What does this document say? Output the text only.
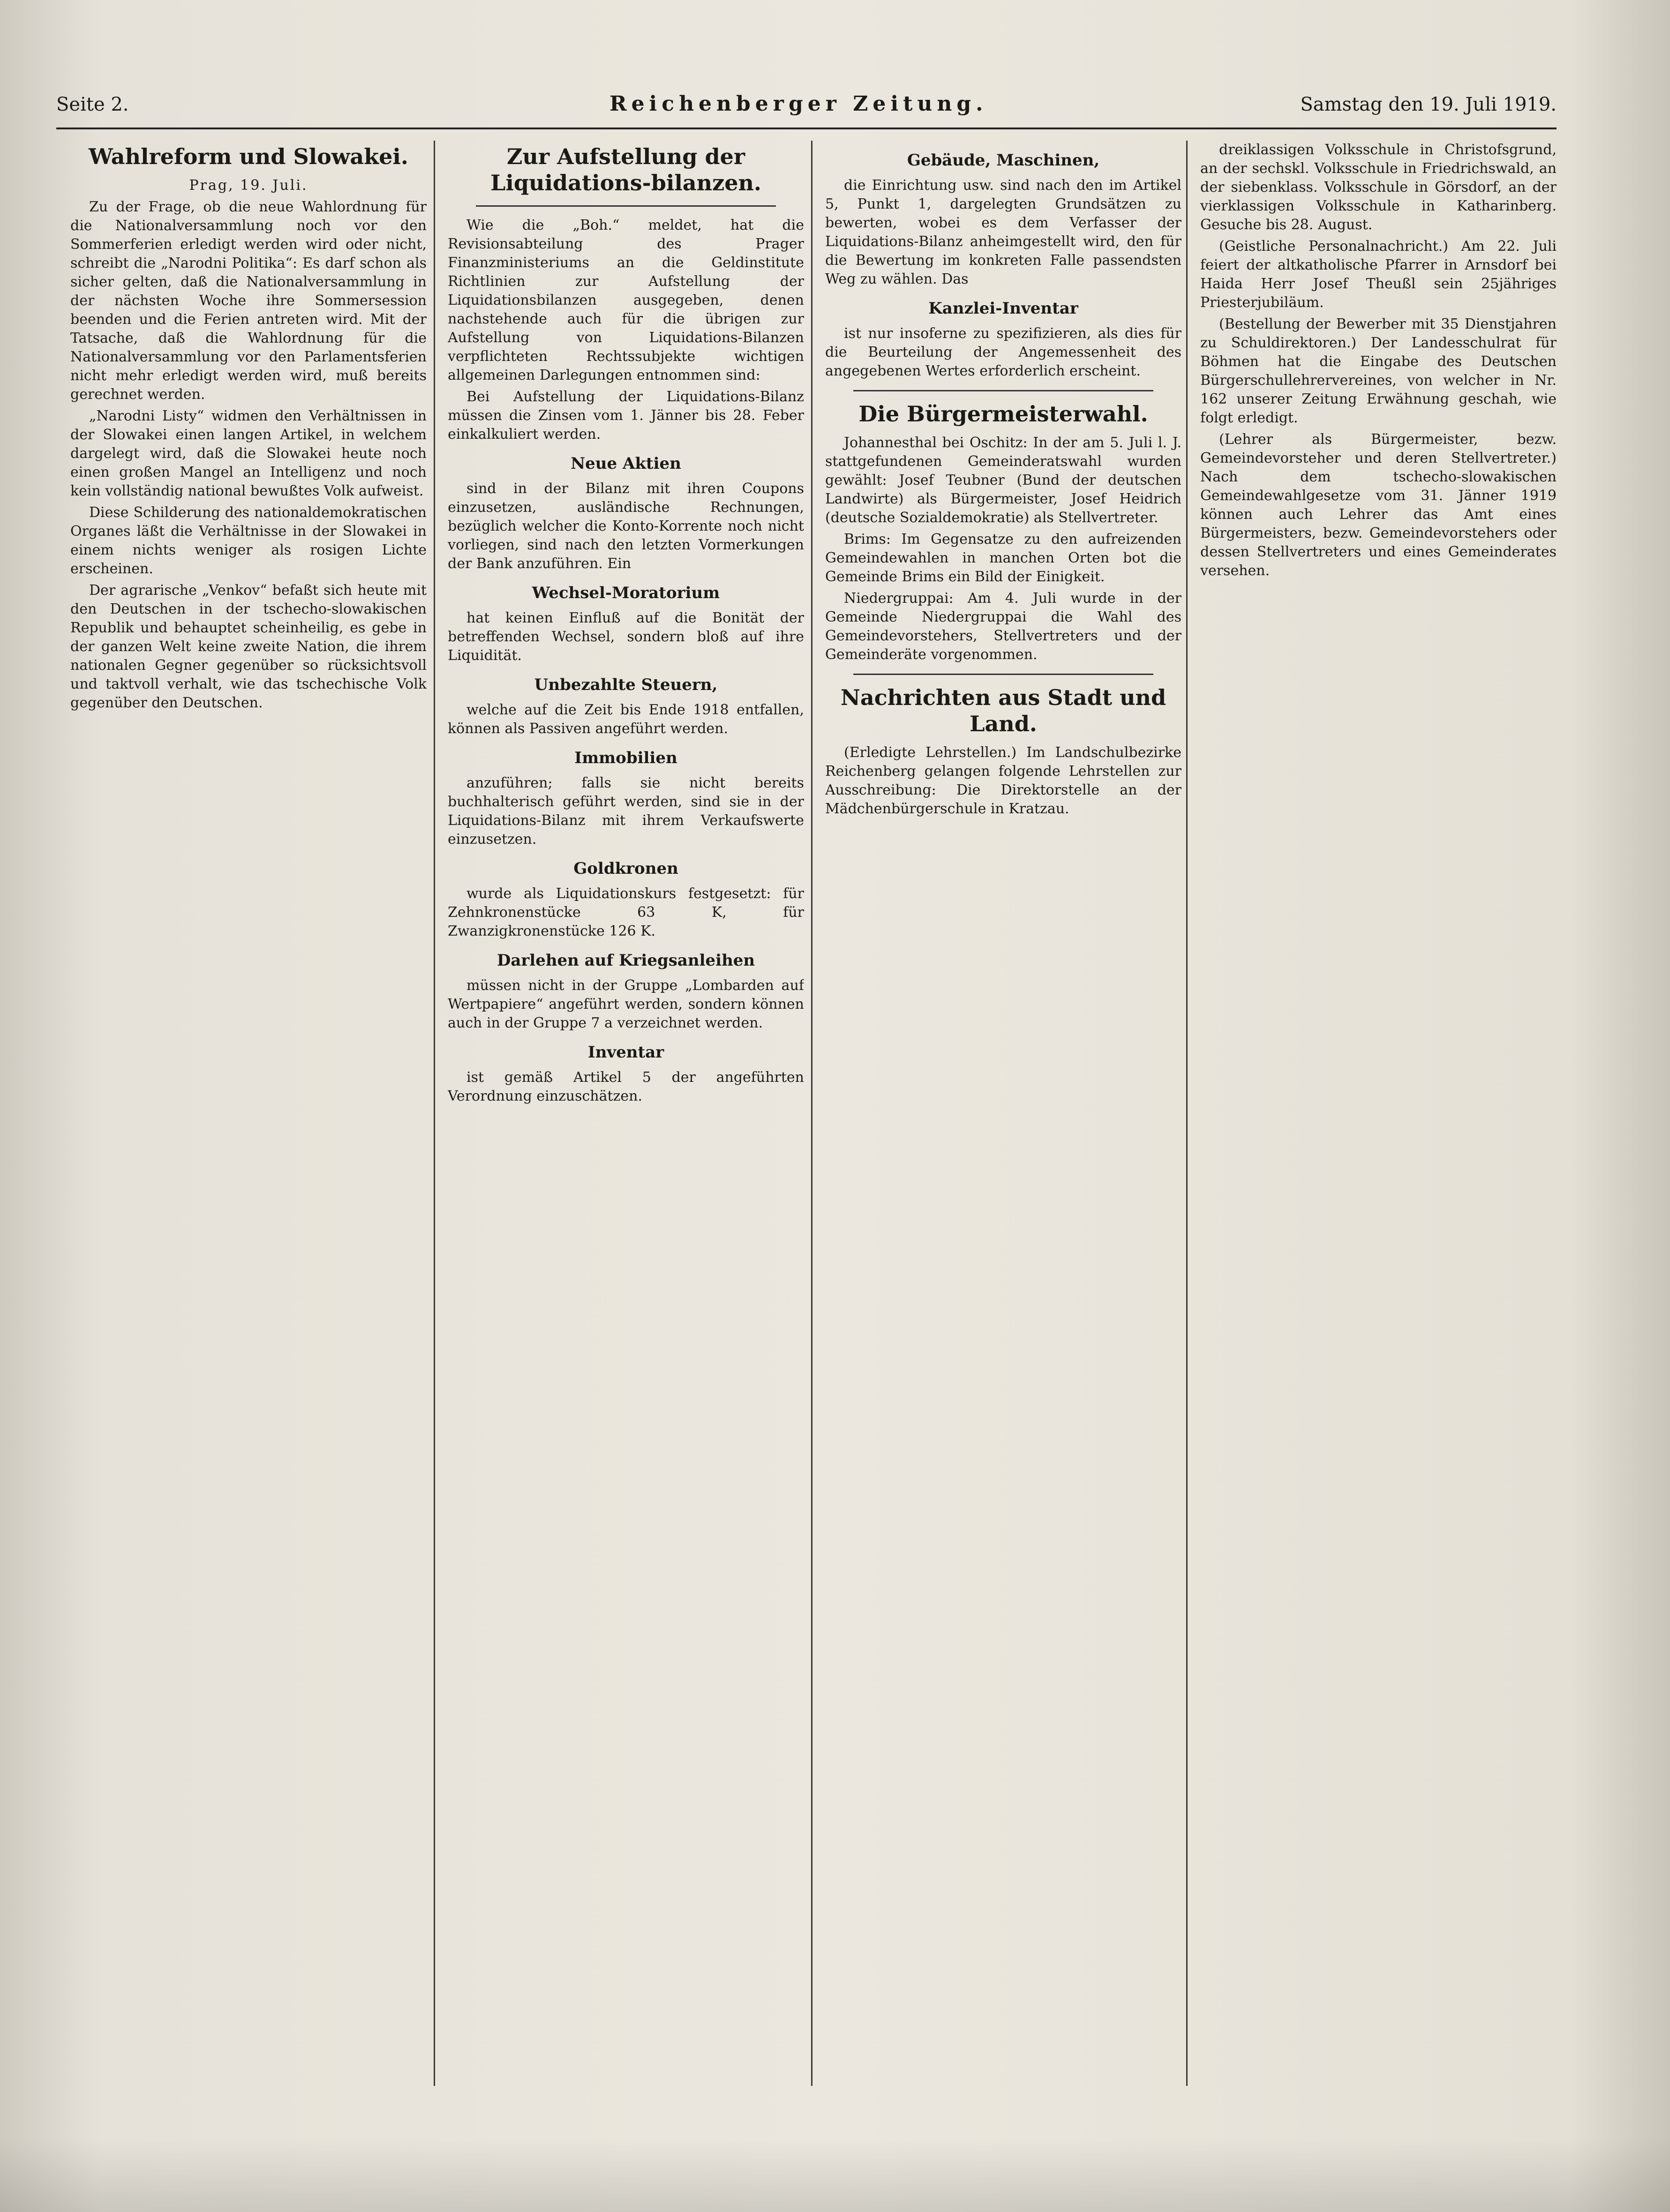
Seite 2.	Reichenberger Zeitung.	Samstag den 19. Juli 1919.
Wahlreform und Slowakei.
Prag, 19. Juli.

Zu der Frage, ob die neue Wahlordnung für die Nationalversammlung noch vor den Sommerferien erledigt werden wird oder nicht, schreibt die „Narodni Politika“: Es darf schon als sicher gelten, daß die Nationalversammlung in der nächsten Woche ihre Sommersession beenden und die Ferien antreten wird. Mit der Tatsache, daß die Wahlordnung für die Nationalversammlung vor den Parlamentsferien nicht mehr erledigt werden wird, muß bereits gerechnet werden.

„Narodni Listy“ widmen den Verhältnissen in der Slowakei einen langen Artikel, in welchem dargelegt wird, daß die Slowakei heute noch einen großen Mangel an Intelligenz und noch kein vollständig national bewußtes Volk aufweist.

Diese Schilderung des nationaldemokratischen Organes läßt die Verhältnisse in der Slowakei in einem nichts weniger als rosigen Lichte erscheinen.

Der agrarische „Venkov“ befaßt sich heute mit den Deutschen in der tschecho-slowakischen Republik und behauptet scheinheilig, es gebe in der ganzen Welt keine zweite Nation, die ihrem nationalen Gegner gegenüber so rücksichtsvoll und taktvoll verhalt, wie das tschechische Volk gegenüber den Deutschen.

Zur Aufstellung der Liquidations-bilanzen.

Wie die „Boh.“ meldet, hat die Revisionsabteilung des Prager Finanzministeriums an die Geldinstitute Richtlinien zur Aufstellung der Liquidationsbilanzen ausgegeben, denen nachstehende auch für die übrigen zur Aufstellung von Liquidations-Bilanzen verpflichteten Rechtssubjekte wichtigen allgemeinen Darlegungen entnommen sind:

Bei Aufstellung der Liquidations-Bilanz müssen die Zinsen vom 1. Jänner bis 28. Feber einkalkuliert werden.

Neue Aktien

sind in der Bilanz mit ihren Coupons einzusetzen, ausländische Rechnungen, bezüglich welcher die Konto-Korrente noch nicht vorliegen, sind nach den letzten Vormerkungen der Bank anzuführen. Ein

Wechsel-Moratorium

hat keinen Einfluß auf die Bonität der betreffenden Wechsel, sondern bloß auf ihre Liquidität.

Unbezahlte Steuern,

welche auf die Zeit bis Ende 1918 entfallen, können als Passiven angeführt werden.

Immobilien

anzuführen; falls sie nicht bereits buchhalterisch geführt werden, sind sie in der Liquidations-Bilanz mit ihrem Verkaufswerte einzusetzen.

Goldkronen

wurde als Liquidationskurs festgesetzt: für Zehnkronenstücke 63 K, für Zwanzigkronenstücke 126 K.

Darlehen auf Kriegsanleihen

müssen nicht in der Gruppe „Lombarden auf Wertpapiere“ angeführt werden, sondern können auch in der Gruppe 7 a verzeichnet werden.

Inventar

ist gemäß Artikel 5 der angeführten Verordnung einzuschätzen.

Gebäude, Maschinen,

die Einrichtung usw. sind nach den im Artikel 5, Punkt 1, dargelegten Grundsätzen zu bewerten, wobei es dem Verfasser der Liquidations-Bilanz anheimgestellt wird, den für die Bewertung im konkreten Falle passendsten Weg zu wählen. Das

Kanzlei-Inventar

ist nur insoferne zu spezifizieren, als dies für die Beurteilung der Angemessenheit des angegebenen Wertes erforderlich erscheint.

Die Bürgermeisterwahl.

Johannesthal bei Oschitz: In der am 5. Juli l. J. stattgefundenen Gemeinderatswahl wurden gewählt: Josef Teubner (Bund der deutschen Landwirte) als Bürgermeister, Josef Heidrich (deutsche Sozialdemokratie) als Stellvertreter.

Brims: Im Gegensatze zu den aufreizenden Gemeindewahlen in manchen Orten bot die Gemeinde Brims ein Bild der Einigkeit.

Niedergruppai: Am 4. Juli wurde in der Gemeinde Niedergruppai die Wahl des Gemeindevorstehers, Stellvertreters und der Gemeinderäte vorgenommen.

Nachrichten aus Stadt und Land.

(Erledigte Lehrstellen.) Im Landschulbezirke Reichenberg gelangen folgende Lehrstellen zur Ausschreibung: Die Direktorstelle an der Mädchenbürgerschule in Kratzau.

dreiklassigen Volksschule in Christofsgrund, an der sechskl. Volksschule in Friedrichswald, an der siebenklass. Volksschule in Görsdorf, an der vierklassigen Volksschule in Katharinberg. Gesuche bis 28. August.

(Geistliche Personalnachricht.) Am 22. Juli feiert der altkatholische Pfarrer in Arnsdorf bei Haida Herr Josef Theußl sein 25jähriges Priesterjubiläum.

(Bestellung der Bewerber mit 35 Dienstjahren zu Schuldirektoren.) Der Landesschulrat für Böhmen hat die Eingabe des Deutschen Bürgerschullehrervereines, von welcher in Nr. 162 unserer Zeitung Erwähnung geschah, wie folgt erledigt.

(Lehrer als Bürgermeister, bezw. Gemeindevorsteher und deren Stellvertreter.) Nach dem tschecho-slowakischen Gemeindewahlgesetze vom 31. Jänner 1919 können auch Lehrer das Amt eines Bürgermeisters, bezw. Gemeindevorstehers oder dessen Stellvertreters und eines Gemeinderates versehen.
